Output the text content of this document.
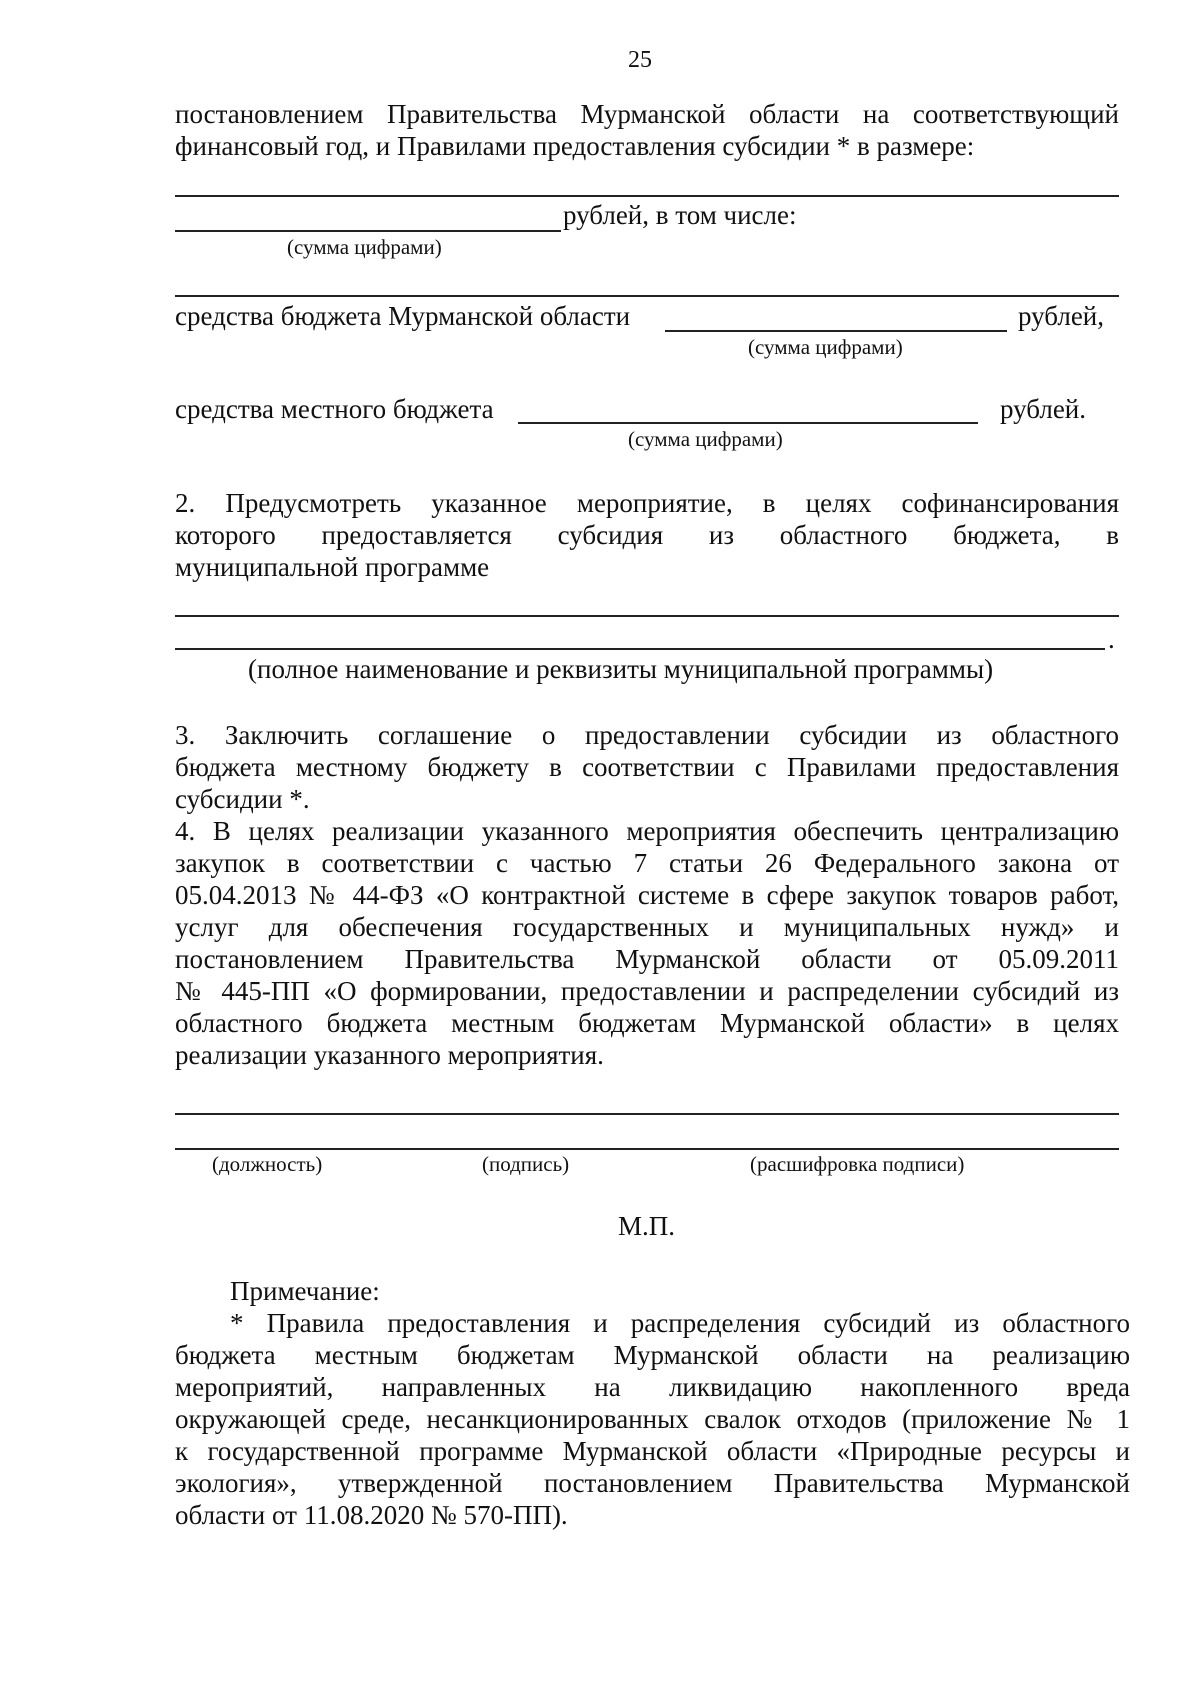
25
постановлением Правительства Мурманской области на соответствующий
финансовый год, и Правилами предоставления субсидии * в размере:
рублей, в том числе:
(сумма цифрами)
средства бюджета Мурманской области	рублей,
(сумма цифрами)
средства местного бюджета	рублей.
(сумма цифрами)
2. Предусмотреть указанное мероприятие, в целях софинансирования
которого предоставляется субсидия из областного бюджета, в
муниципальной программе
.
(полное наименование и реквизиты муниципальной программы)
3. Заключить соглашение о предоставлении субсидии из областного
бюджета местному бюджету в соответствии с Правилами предоставления
субсидии *.
4. В целях реализации указанного мероприятия обеспечить централизацию
закупок в соответствии с частью 7 статьи 26 Федерального закона от
05.04.2013 № 44-ФЗ «О контрактной системе в сфере закупок товаров работ,
услуг для обеспечения государственных и муниципальных нужд» и
постановлением Правительства Мурманской области от 05.09.2011
№ 445-ПП «О формировании, предоставлении и распределении субсидий из
областного бюджета местным бюджетам Мурманской области» в целях
реализации указанного мероприятия.
(должность)	(подпись)	(расшифровка подписи)
М.П.
Примечание:
* Правила предоставления и распределения субсидий из областного
бюджета местным бюджетам Мурманской области на реализацию
мероприятий, направленных на ликвидацию накопленного вреда
окружающей среде, несанкционированных свалок отходов (приложение № 1
к государственной программе Мурманской области «Природные ресурсы и
экология», утвержденной постановлением Правительства Мурманской
области от 11.08.2020 № 570-ПП).
